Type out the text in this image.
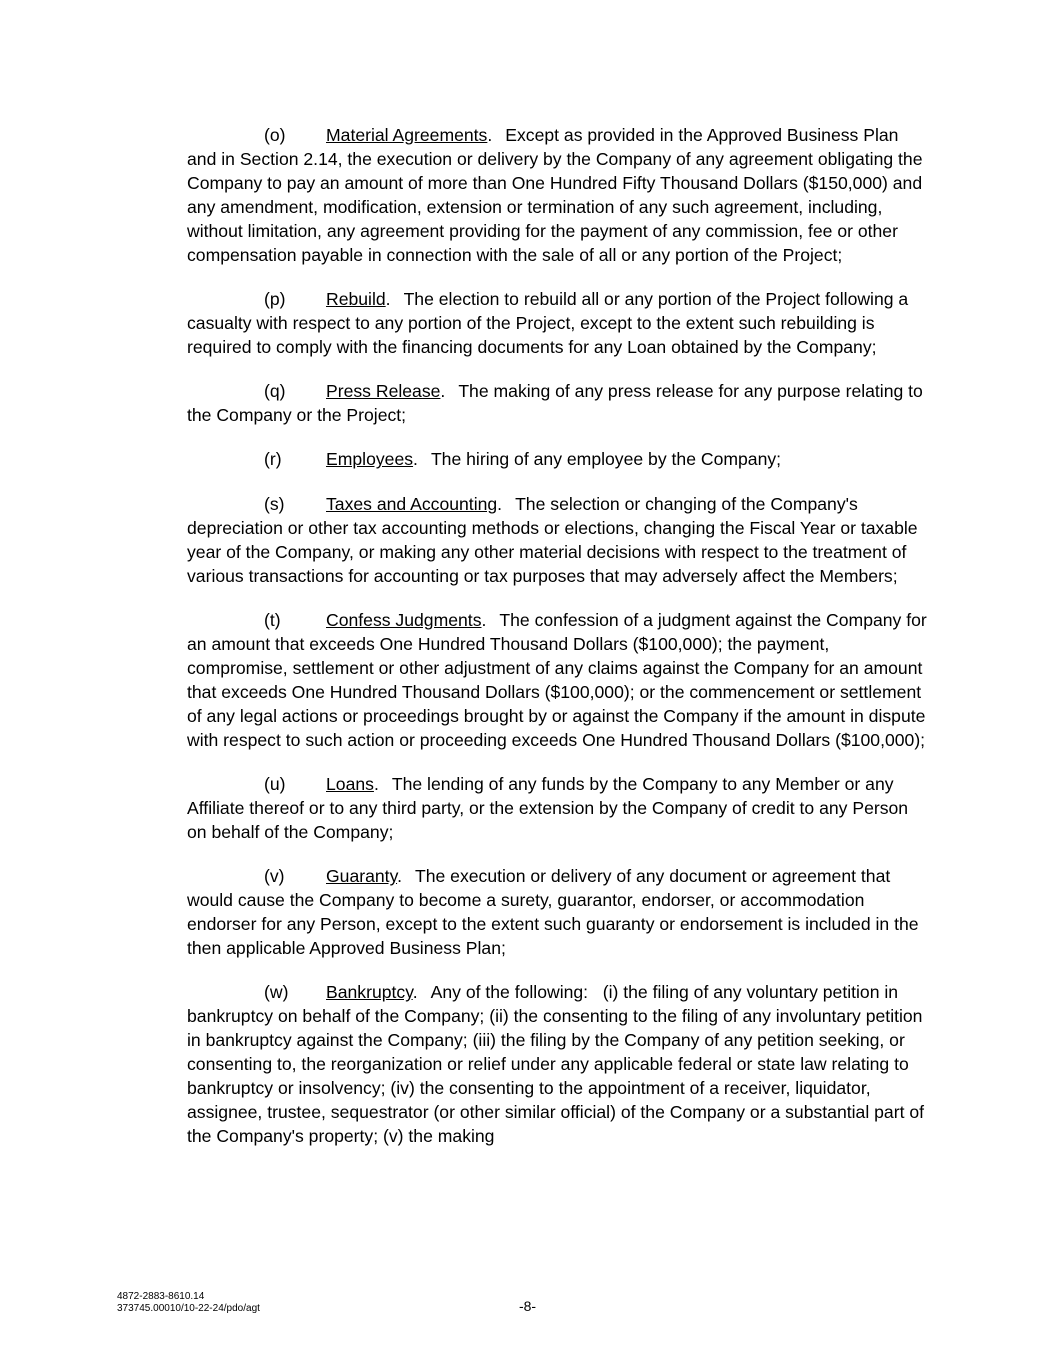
(o) Material Agreements. Except as provided in the Approved Business Plan and in Section 2.14, the execution or delivery by the Company of any agreement obligating the Company to pay an amount of more than One Hundred Fifty Thousand Dollars ($150,000) and any amendment, modification, extension or termination of any such agreement, including, without limitation, any agreement providing for the payment of any commission, fee or other compensation payable in connection with the sale of all or any portion of the Project;

(p) Rebuild. The election to rebuild all or any portion of the Project following a casualty with respect to any portion of the Project, except to the extent such rebuilding is required to comply with the financing documents for any Loan obtained by the Company;

(q) Press Release. The making of any press release for any purpose relating to the Company or the Project;

(r)	Employees. The hiring of any employee by the Company;

(s) Taxes and Accounting. The selection or changing of the Company's depreciation or other tax accounting methods or elections, changing the Fiscal Year or taxable year of the Company, or making any other material decisions with respect to the treatment of various transactions for accounting or tax purposes that may adversely affect the Members;

(t)	Confess Judgments. The confession of a judgment against the Company for an amount that exceeds One Hundred Thousand Dollars ($100,000); the payment, compromise, settlement or other adjustment of any claims against the Company for an amount that exceeds One Hundred Thousand Dollars ($100,000); or the commencement or settlement of any legal actions or proceedings brought by or against the Company if the amount in dispute with respect to such action or proceeding exceeds One Hundred Thousand Dollars ($100,000);

(u) Loans. The lending of any funds by the Company to any Member or any Affiliate thereof or to any third party, or the extension by the Company of credit to any Person on behalf of the Company;

(v) Guaranty. The execution or delivery of any document or agreement that would cause the Company to become a surety, guarantor, endorser, or accommodation endorser for any Person, except to the extent such guaranty or endorsement is included in the then applicable Approved Business Plan;

(w) Bankruptcy. Any of the following:   (i) the filing of any voluntary petition in bankruptcy on behalf of the Company; (ii) the consenting to the filing of any involuntary petition in bankruptcy against the Company; (iii) the filing by the Company of any petition seeking, or consenting to, the reorganization or relief under any applicable federal or state law relating to bankruptcy or insolvency; (iv) the consenting to the appointment of a receiver, liquidator, assignee, trustee, sequestrator (or other similar official) of the Company or a substantial part of the Company's property; (v) the making

4872-2883-8610.14
373745.00010/10-22-24/pdo/agt	-8-
